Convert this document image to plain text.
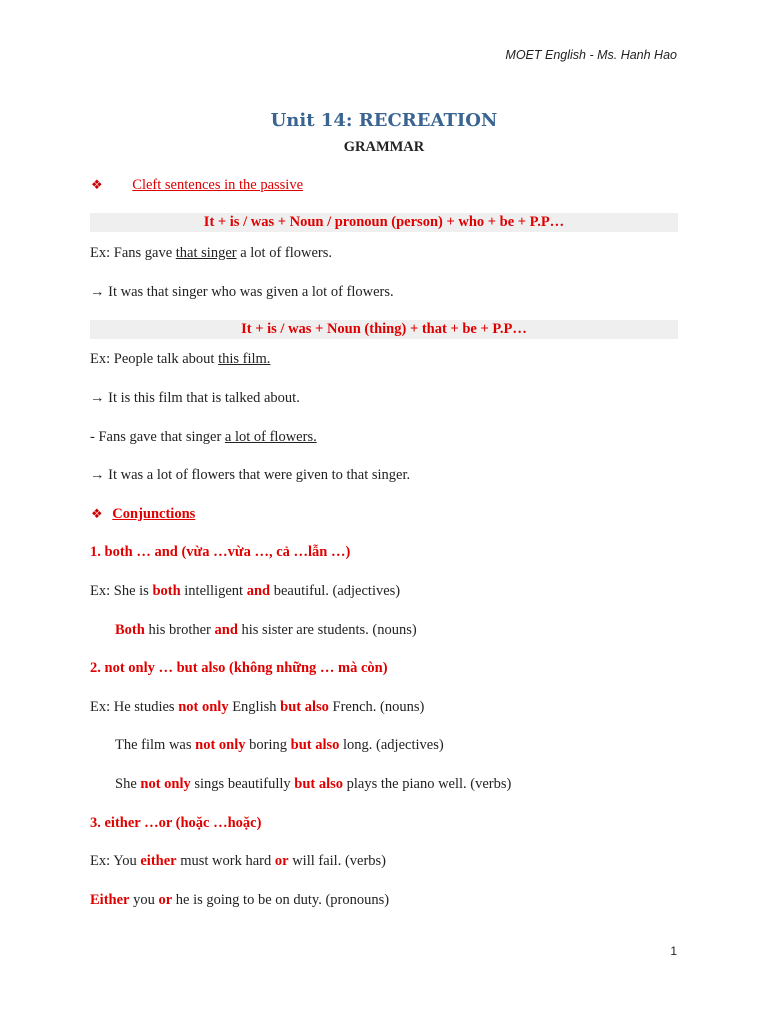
MOET English - Ms. Hanh Hao
Unit 14: RECREATION
GRAMMAR
❖ Cleft sentences in the passive
It + is / was + Noun / pronoun (person) + who + be + P.P…
Ex: Fans gave that singer a lot of flowers.
→ It was that singer who was given a lot of flowers.
It + is / was + Noun (thing) + that + be + P.P…
Ex: People talk about this film.
→ It is this film that is talked about.
- Fans gave that singer a lot of flowers.
→ It was a lot of flowers that were given to that singer.
❖ Conjunctions
1. both … and (vừa …vừa …, cả …lẫn …)
Ex: She is both intelligent and beautiful. (adjectives)
Both his brother and his sister are students. (nouns)
2. not only … but also (không những … mà còn)
Ex: He studies not only English but also French. (nouns)
The film was not only boring but also long. (adjectives)
She not only sings beautifully but also plays the piano well. (verbs)
3. either …or (hoặc …hoặc)
Ex: You either must work hard or will fail. (verbs)
Either you or he is going to be on duty. (pronouns)
1
